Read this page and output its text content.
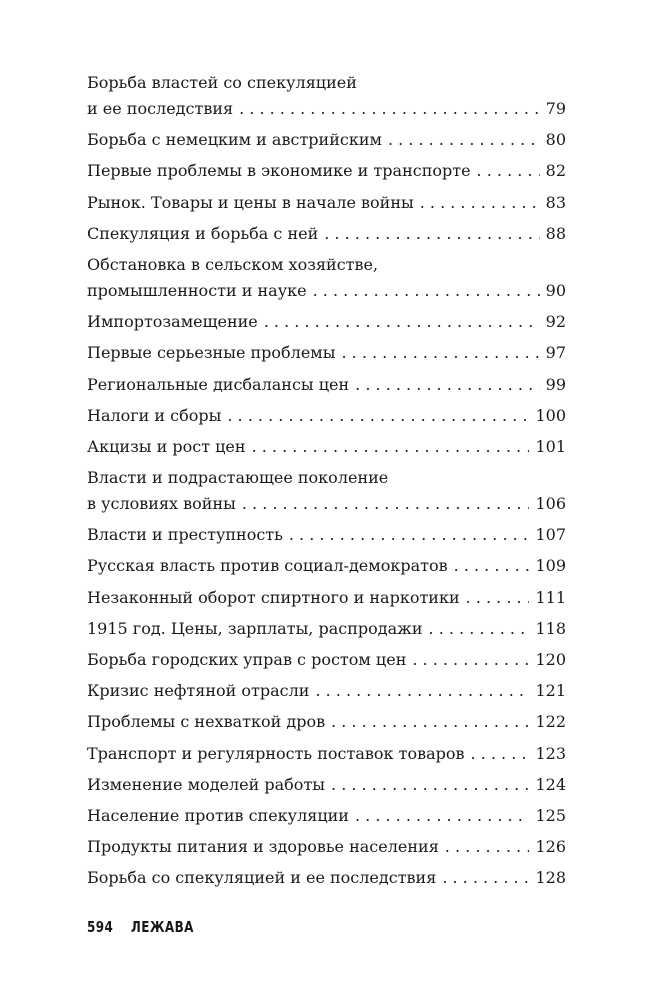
Борьба властей со спекуляцией
и ее последствия . . .	79
Борьба с немецким и австрийским . . .	80
Первые проблемы в экономике и транспорте . . .	82
Рынок. Товары и цены в начале войны . . .	83
Спекуляция и борьба с ней . . .	88
Обстановка в сельском хозяйстве,
промышленности и науке . . .	90
Импортозамещение . . .	92
Первые серьезные проблемы . . .	97
Региональные дисбалансы цен . . .	99
Налоги и сборы . . .	100
Акцизы и рост цен . . .	101
Власти и подрастающее поколение
в условиях войны . . .	106
Власти и преступность . . .	107
Русская власть против социал-демократов . . .	109
Незаконный оборот спиртного и наркотики . . .	111
1915 год. Цены, зарплаты, распродажи . . .	118
Борьба городских управ с ростом цен . . .	120
Кризис нефтяной отрасли . . .	121
Проблемы с нехваткой дров . . .	122
Транспорт и регулярность поставок товаров . . .	123
Изменение моделей работы . . .	124
Население против спекуляции . . .	125
Продукты питания и здоровье населения . . .	126
Борьба со спекуляцией и ее последствия . . .	128
594 ЛЕЖАВА
